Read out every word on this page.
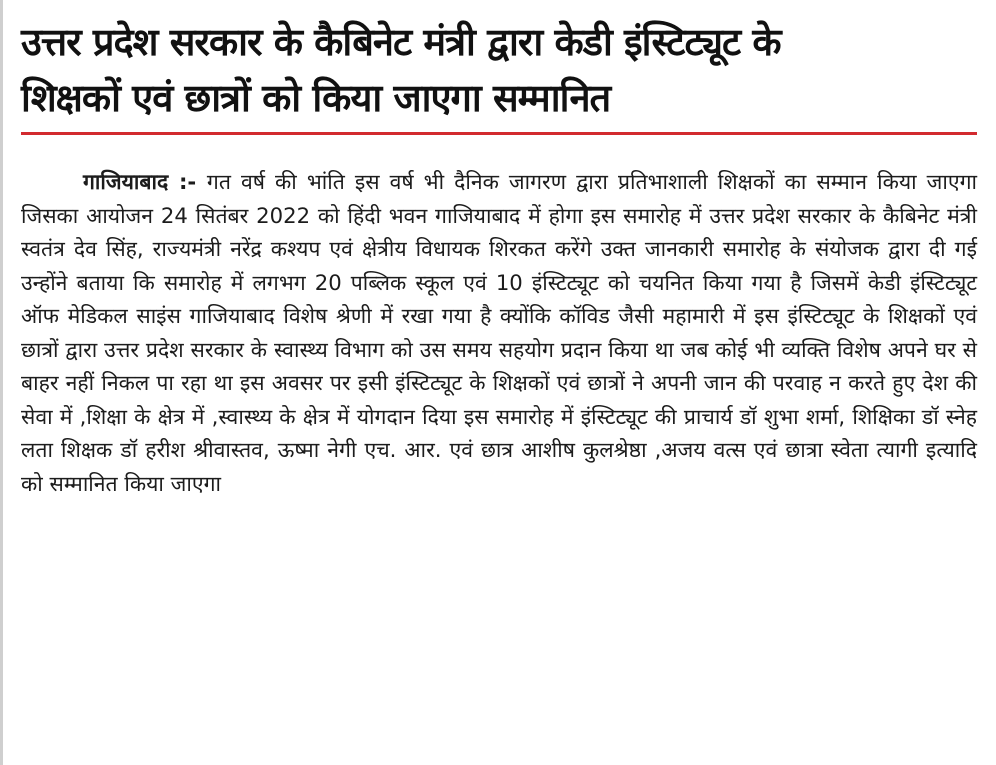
उत्तर प्रदेश सरकार के कैबिनेट मंत्री द्वारा केडी इंस्टिट्यूट के
शिक्षकों एवं छात्रों को किया जाएगा सम्मानित

गाजियाबाद :- गत वर्ष की भांति इस वर्ष भी दैनिक जागरण द्वारा प्रतिभाशाली शिक्षकों का सम्मान किया जाएगा जिसका आयोजन 24 सितंबर 2022 को हिंदी भवन गाजियाबाद में होगा इस समारोह में उत्तर प्रदेश सरकार के कैबिनेट मंत्री स्वतंत्र देव सिंह, राज्यमंत्री नरेंद्र कश्यप एवं क्षेत्रीय विधायक शिरकत करेंगे उक्त जानकारी समारोह के संयोजक द्वारा दी गई उन्होंने बताया कि समारोह में लगभग 20 पब्लिक स्कूल एवं 10 इंस्टिट्यूट को चयनित किया गया है जिसमें केडी इंस्टिट्यूट ऑफ मेडिकल साइंस गाजियाबाद विशेष श्रेणी में रखा गया है क्योंकि कॉविड जैसी महामारी में इस इंस्टिट्यूट के शिक्षकों एवं छात्रों द्वारा उत्तर प्रदेश सरकार के स्वास्थ्य विभाग को उस समय सहयोग प्रदान किया था जब कोई भी व्यक्ति विशेष अपने घर से बाहर नहीं निकल पा रहा था इस अवसर पर इसी इंस्टिट्यूट के शिक्षकों एवं छात्रों ने अपनी जान की परवाह न करते हुए देश की सेवा में ,शिक्षा के क्षेत्र में ,स्वास्थ्य के क्षेत्र में योगदान दिया इस समारोह में इंस्टिट्यूट की प्राचार्य डॉ शुभा शर्मा, शिक्षिका डॉ स्नेह लता शिक्षक डॉ हरीश श्रीवास्तव, ऊष्मा नेगी एच. आर. एवं छात्र आशीष कुलश्रेष्ठा ,अजय वत्स एवं छात्रा स्वेता त्यागी इत्यादि को सम्मानित किया जाएगा
